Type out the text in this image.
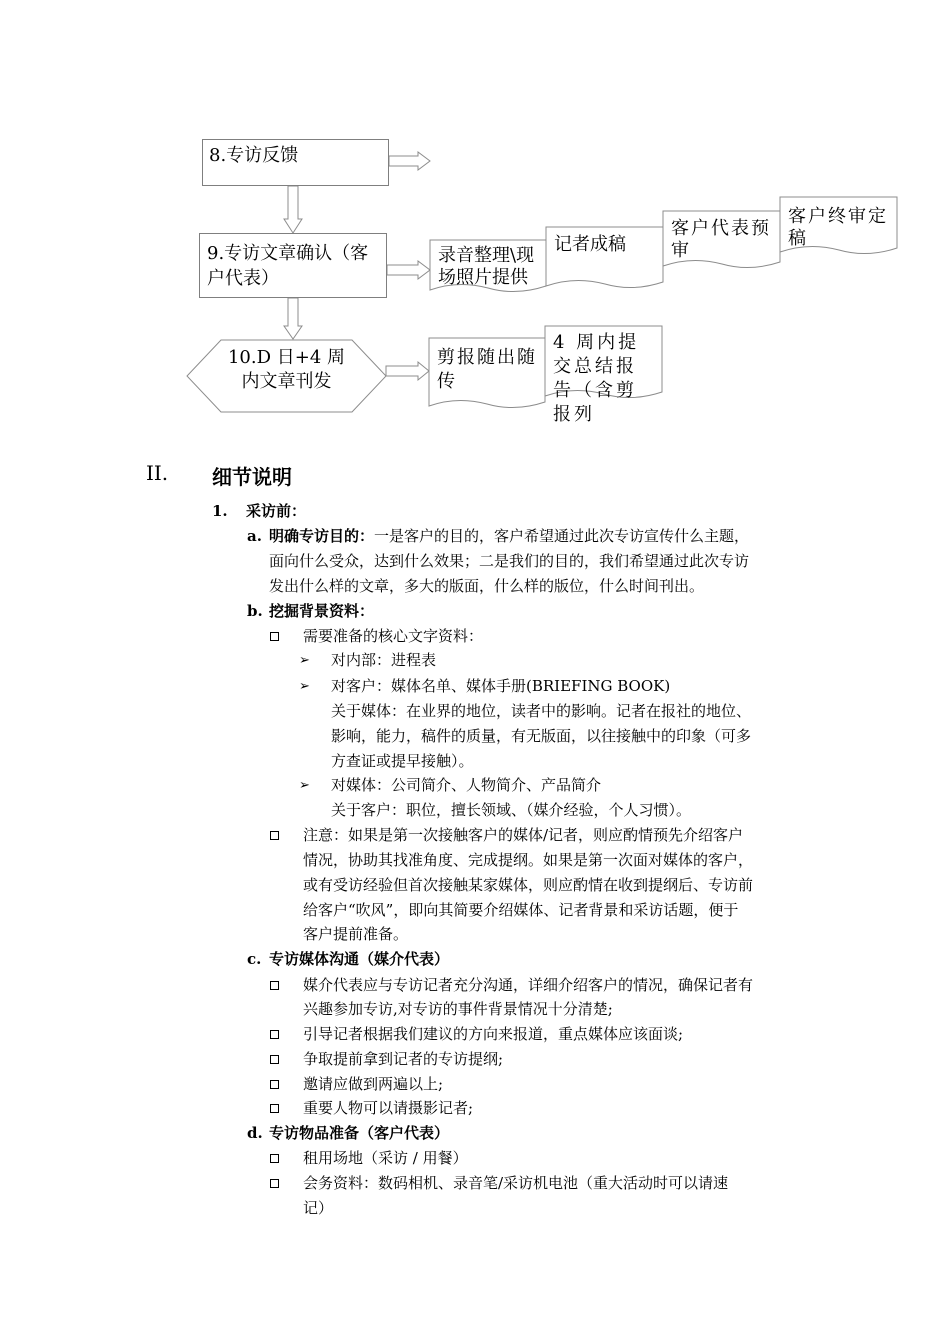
8.专访反馈
9.专访文章确认（客户代表）
10.D 日+4 周
内文章刊发
录音整理\现场照片提供
记者成稿
客户代表预审
客户终审定稿
剪报随出随传
4 周内提交总结报告（含剪报列
II. 细节说明
1. 采访前：
a. 明确专访目的：一是客户的目的，客户希望通过此次专访宣传什么主题，
面向什么受众，达到什么效果；二是我们的目的，我们希望通过此次专访
发出什么样的文章，多大的版面，什么样的版位，什么时间刊出。
b. 挖掘背景资料：
需要准备的核心文字资料：
➢ 对内部：进程表
➢ 对客户：媒体名单、媒体手册(BRIEFING BOOK)
关于媒体：在业界的地位，读者中的影响。记者在报社的地位、
影响，能力，稿件的质量，有无版面，以往接触中的印象（可多
方查证或提早接触）。
➢ 对媒体：公司简介、人物简介、产品简介
关于客户：职位，擅长领域、（媒介经验，个人习惯）。
注意：如果是第一次接触客户的媒体/记者，则应酌情预先介绍客户
情况，协助其找准角度、完成提纲。如果是第一次面对媒体的客户，
或有受访经验但首次接触某家媒体，则应酌情在收到提纲后、专访前
给客户“吹风”，即向其简要介绍媒体、记者背景和采访话题，便于
客户提前准备。
c. 专访媒体沟通（媒介代表）
媒介代表应与专访记者充分沟通，详细介绍客户的情况，确保记者有
兴趣参加专访,对专访的事件背景情况十分清楚;
引导记者根据我们建议的方向来报道，重点媒体应该面谈;
争取提前拿到记者的专访提纲;
邀请应做到两遍以上;
重要人物可以请摄影记者;
d. 专访物品准备（客户代表）
租用场地（采访 / 用餐）
会务资料：数码相机、录音笔/采访机电池（重大活动时可以请速
记）
